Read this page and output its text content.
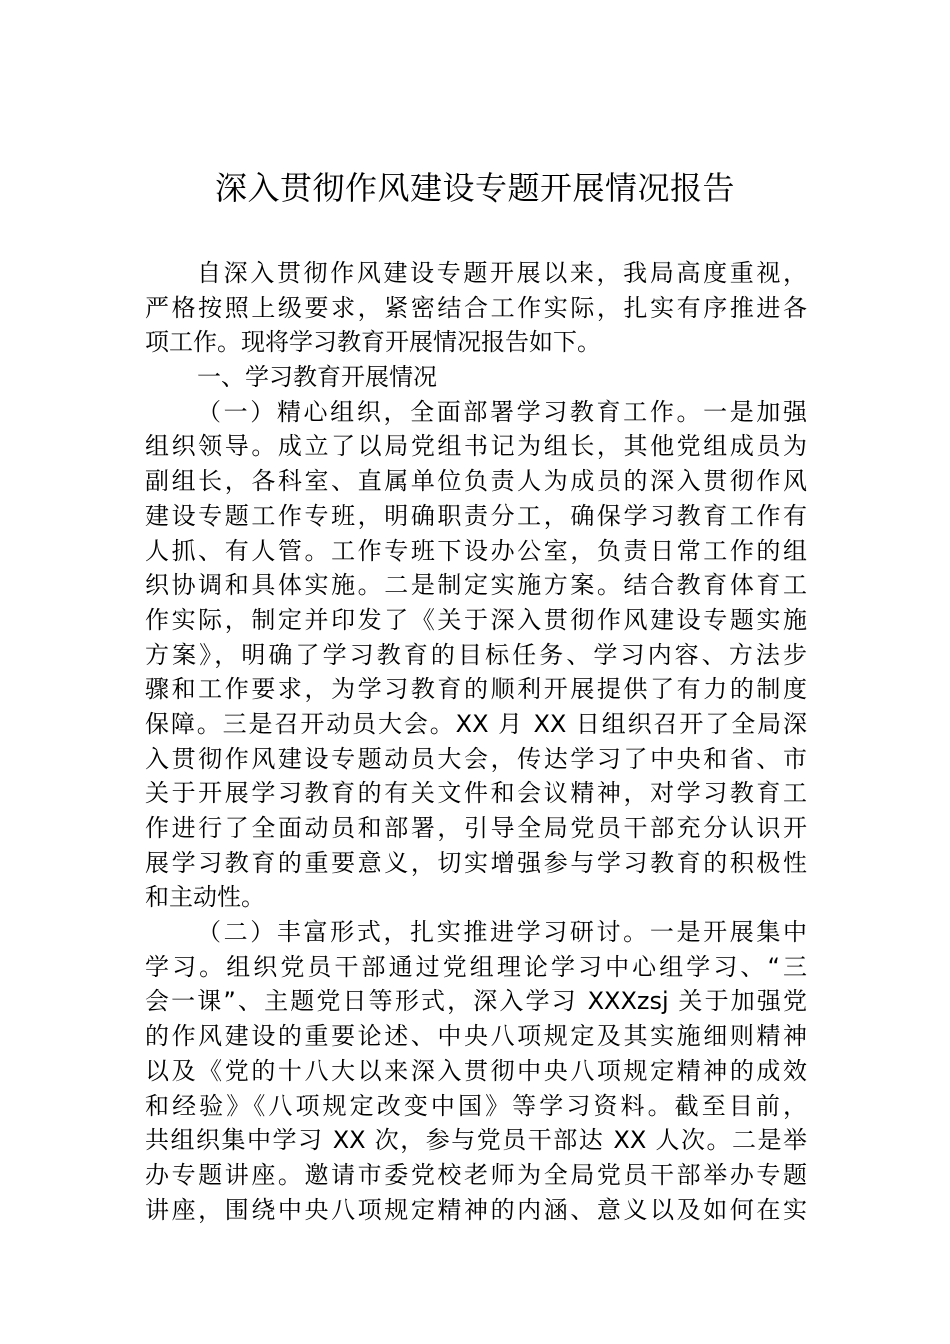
深入贯彻作风建设专题开展情况报告
自深入贯彻作风建设专题开展以来，我局高度重视，
严格按照上级要求，紧密结合工作实际，扎实有序推进各
项工作。现将学习教育开展情况报告如下。
一、学习教育开展情况
（一）精心组织，全面部署学习教育工作。一是加强
组织领导。成立了以局党组书记为组长，其他党组成员为
副组长，各科室、直属单位负责人为成员的深入贯彻作风
建设专题工作专班，明确职责分工，确保学习教育工作有
人抓、有人管。工作专班下设办公室，负责日常工作的组
织协调和具体实施。二是制定实施方案。结合教育体育工
作实际，制定并印发了《关于深入贯彻作风建设专题实施
方案》，明确了学习教育的目标任务、学习内容、方法步
骤和工作要求，为学习教育的顺利开展提供了有力的制度
保障。三是召开动员大会。XX 月 XX 日组织召开了全局深
入贯彻作风建设专题动员大会，传达学习了中央和省、市
关于开展学习教育的有关文件和会议精神，对学习教育工
作进行了全面动员和部署，引导全局党员干部充分认识开
展学习教育的重要意义，切实增强参与学习教育的积极性
和主动性。
（二）丰富形式，扎实推进学习研讨。一是开展集中
学习。组织党员干部通过党组理论学习中心组学习、“三
会一课”、主题党日等形式，深入学习 XXXzsj 关于加强党
的作风建设的重要论述、中央八项规定及其实施细则精神
以及《党的十八大以来深入贯彻中央八项规定精神的成效
和经验》《八项规定改变中国》等学习资料。截至目前，
共组织集中学习 XX 次，参与党员干部达 XX 人次。二是举
办专题讲座。邀请市委党校老师为全局党员干部举办专题
讲座，围绕中央八项规定精神的内涵、意义以及如何在实
